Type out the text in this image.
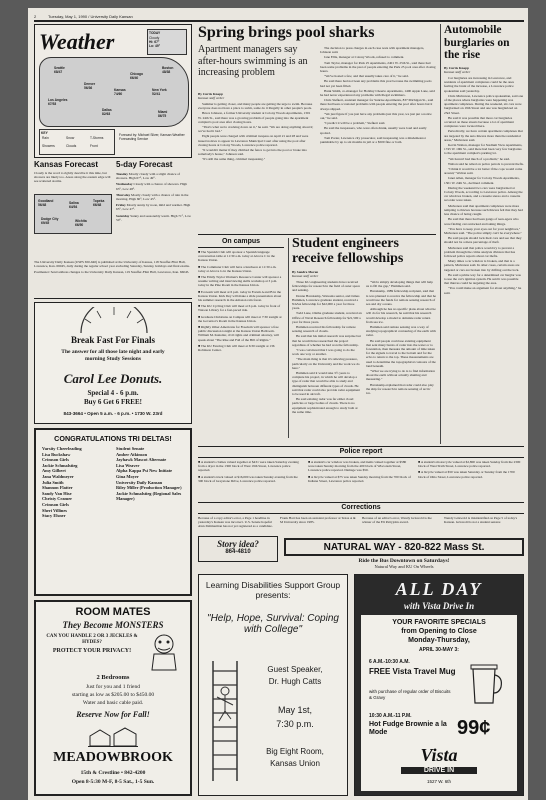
2	Tuesday, May 1, 1990 / University Daily Kansan
Weather	TODAY
Cloudy
Hi: 67°
Lo: 49°
Seattle
68/47
Boston
48/38
Chicago
66/40
Denver
56/36	Kansas
74/60
Los Angeles
67/53
Dallas
82/63	Miami
86/75
New York
52/41
KEY
Rain	Snow	T-Storms
Showers	Clouds	Front
Forecast by: Michael Silver, Kansan Weather Forecasting Service
Kansas Forecast
Cloudy is the word to rightly describe it this time, but showers are likely too. Areas along the eastern edge will see scattered storms.
Goodland
56/48	Salina
64/54
Topeka
66/48
Dodge City
69/45	Wichita
66/50
5-day Forecast
Tuesday Mostly cloudy with a slight chance of showers. High 67°, Low 49°.
Wednesday Cloudy with a chance of showers. High 63°, Low 48°.
Thursday Mostly cloudy with a chance of rain in the morning. High 60°, Low 45°.
Friday Mostly sunny by noon, mild and warmer. High 65°, Low 47°.
Saturday Sunny and seasonably warm. High 71°, Low 50°.
The University Daily Kansan (USPS 650-640) is published at the University of Kansas, 118 Stauffer-Flint Hall, Lawrence, Kan. 66045, daily during the regular school year excluding Saturday, Sunday, holidays and final exams.
Postmaster: Send address changes to the University Daily Kansan, 119 Stauffer-Flint Hall, Lawrence, Kan. 66045.
Break Fast For Finals
The answer for all those late night and early morning Study Sessions
Carol Lee Donuts.
Special 4 - 6 p.m.
Buy 6 Get 6 FREE!
843-3664 • Open 5 a.m. - 6 p.m. • 1730 W. 23rd
CONGRATULATIONS TRI DELTAS!
Varsity Cheerleading
Lisa Buckshaw
Crimson Girls
Jackie Schmalstieg
Amy Gilbert
Jana Waldmeyer
Julia Smith
Shannon Flatter
Sandy Van Hise
Christy Cramer
Crimson Girls
Sheri Villines
Stacy Elsner
Student Senate
Amber Atkinson
Jayhawk Mascot Alternate
Lisa Weaver
Alpha Kappa Psi New Initiate
Gina Moyer
University Daily Kansan
Riley Miller (Production Manager)
Jackie Schmalstieg (Regional Sales Manager)
ROOM MATES
They Become MONSTERS
CAN YOU HANDLE 2 OR 3 JECKLES & HYDES?
PROTECT YOUR PRIVACY!
2 Bedrooms
Just for you and 1 friend
starting as low as $205.00 to $450.00
Water and basic cable paid.
Reserve Now for Fall!
MEADOWBROOK
15th & Crestline • 842-4200
Open 8-5:30 M-F, 8-5 Sat., 1-5 Sun.
Spring brings pool sharks
Apartment managers say after-hours swimming is an increasing problem
By Curtis Knapp
Kansan staff writer

Summer is getting closer, and many people are getting the urge to swim. Because everyone does not have a place to swim, some do it illegally in other people's pools.

Bruce Johnson, a former University student at Colony Woods Apartments, 1301 W. 24th St., said there was a growing problem of people going into the apartment complex's pool area after closing hours.

"That's what we're cracking down on it," he said. "We are doing anything about it; we've had it bad."

Eight people were charged with criminal trespass on April 21 and 28 and were issued notices to appear in Lawrence Municipal Court after using the pool after closing hours at Colony Woods, Lawrence police reported.

"It wouldn't matter if they climbed the fence to get into the pool or broke into somebody's house," Johnson said.

"It's still the same thing, criminal trespassing."

The decision to press charges in each case rests with apartment managers, Johnson said.

Jane Ellis, manager at Colony Woods, refused to comment.

Tom Taylor, manager for Park 25 Apartments, 2401 W. 25th St., said there had been some problems in the past of people entering the Park 25 pool area after closing hours.

"We've hosted a few, and that usually takes care of it," he said.

He said there had not been any problems this year because the swimming pools had not yet been filled.

Hank Smith, co-manager for Holiday Cheerio Apartments, 1400 Apple Lane, said he had never experienced any problems with illegal swimmers.

Chris Siefkert, assistant manager for Sunrise Apartments, 837 Michigan St., said there had been occasional problems with people entering the pool after hours but it always slipped.

"We just figure if you just have any problems just this year, we just put a notice out," he said.

"I predict it will be a problem," Siefkert said.

He said the trespassers, who were often drunk, usually were loud and easily spotted.

Tom Porter, Lawrence city prosecutor, said trespassing was a misdemeanor punishable by up to six months in jail or a $500 fine or both.

Automobile burglaries on the rise
By Curtis Knapp
Kansan staff writer

Car burglaries are increasing in Lawrence, and residents of apartment complexes could be the ones feeling the brunt of the increase, a Lawrence police spokesman said yesterday.

Chris Mulvenon, Lawrence police spokesman, said one of the places where burglaries were happening was apartment complexes. During the weekend, six cars were burglarized on 19th Street and one was burglarized on 23rd Street.

He said it was possible that more car burglaries occurred on these streets because a lot of apartment complexes were located there.

Periodically, we have certain apartment complexes that are targeted by the auto thieves more than the residential areas," Mulvenon said.

Kevin Walton, manager for Stadium View Apartments, 1745 W. 19th St., said there had been very few burglaries to the apartment complex's parking lot.

"We haven't had much of a problem," he said.

Walton said he relied on police patrols to prevent thefts.

"I think it would be a lot better if the cops would come around," Walton said.

Janet Allen, manager for Colony Woods Apartments, 1301 W. 24th St., declined comment.

During the weekend two cars were burglarized at Colony Woods, according to Lawrence police. Among the car windows broken, and a cassette stereo and a cassette recorder were taken.

Mulvenon said that apartment complexes were more tempting to thieves because such thieves felt that they had less chance of being caught.

He said that there had been gangs of teen-agers who were finding cars unlocked and taking things.

"You have to keep your eyes out for your neighbors," Mulvenon said. "The police simply can't be everywhere."

He said people should lock their cars and see that they should not be a mere percentage of theft.

Mulvenon said that police would try to prevent a problem through the crime analysis division that has followed police reports about car thefts.

Many times a car window is broken, and that is a pattern, Mulvenon said. In other cases, certain areas are targeted or cars are broken into by drifting out the lock.

He said a prime way for a determined car burglar was to use the car's ignition system. He said it was possible that thieves could be targeting the area.

"You could make an argument for about anything," he said.

On campus
■ The Spanish Club will sponsor a Spanish language conversation table at 11:30 a.m. today at Alcove C in the Kansas Union.
■ The Commuter Club will have a luncheon at 11:30 a.m. today at Alcove G in the Kansas Union.
■ The Emily Taylor Women's Resource Center will sponsor a resume writing and interviewing skills workshop at 3 p.m. today in the Pine Room in the Kansas Union.
■ Ecoteam will meet at 6 p.m. today in Forum A and B in the Kansas Union. Kirk Dey will make a slide presentation about his summer research in the Amazon rain forest.
■ The KU Cycling Club will meet at 6 p.m. today in front of Watson Library for a fast-paced ride.
■ Graduate Christians on Campus will meet at 7:30 tonight at the Governor's Room in the Kansas Union.
■ Rightly Other Americans for Freedom will sponsor a free public discussion tonight at the Kansas Union Ballroom. William M. Kunstler, civil rights and criminal attorney, will speak about "The Rise and Fall of the Bill of Rights."
■ The KU Fencing Club will meet at 6:30 tonight at 136 Robinson Center.
Student engineers receive fellowships
By Sandra Moran
Kansan staff writer

Three KU engineering students have received fellowships for research in the field of outer space and sensing.

Donna Havekamp, Watsonia senior, and James Hammen, Lawrence graduate student, received a NASA fellowship for $22,000 a year for three years.

Todd Lane, Olathe graduate student, received an Office of Naval Research fellowship for $21,500 a year for three years.

Hammen received his fellowship for remote sensing research of clouds.

He said that his initial research was surprise but that he would have researched the project regardless of whether he had won the fellowship.

"I was convinced that I was going to do the work one way or another.

"The main thing is that it's relieving pressure, particularly on the University and the work we do here."

Hammen said it would take 3½ years to complete his project, in which he will develop a type of radar that would be able to study and distinguish between different types of clouds. He said that radar could also provide radar equipment to be used in aircraft.

He said existing radar was far either cloud particles or large bodies of clouds. There is no equipment sophisticated enough to study both at the same time.

"We're simply developing things that will help us to fill the gap," Hammen said.

Havekamp, 1989 fellowship recipient, said that is was planned to receive the fellowship and that he would use the funds for remote sensing research of sea and dry oceans.

Although he has no specific plans about what he will do for his research, he said that his research would develop a model to simulate radar return from sea ice.

Hammen said remote sensing was a way of studying topographical contouring of the earth with radar.

He said people could use existing equipment that sent many bursts of radar into the water or to forestation, then measure the amount of time taken for the signals to travel to the bottom and for the echo to return to the top. These measurements are used to determine the topographical contours of the land beneath.

"What we are trying to do is to find information about the earth without actually shutting and measuring."

Havekamp explained that radar could also play the ship for research in remote sensing of arctic ice.

Police report
■ A student's clothes valued together at $431 were taken Saturday evening from a dryer in the 1300 block of West 19th Street, Lawrence police reported.
■ A student's truck valued at $16,000 was taken Sunday evening from the 300 block of Greystone Drive, Lawrence police reported.
■ A student's car window was broken, and items valued together at $580 were taken Sunday morning from the 400 block of Wisconsin Street, Lawrence police reported. Damage was $50.
■ A bicycle valued at $75 was taken Sunday morning from the 700 block of Indiana Street, Lawrence police reported.
■ A student's motorcycle valued at $2,800 was taken Sunday from the 2300 block of West Sixth Street, Lawrence police reported.
■ A bicycle valued at $50 was taken Saturday or Sunday from the 1700 block of Ohio Street, Lawrence police reported.
Corrections
Because of a copy editor's error, a Page 1 headline in yesterday's Kansan was incorrect. U.S. Senate hopeful Alan Zimmerman has not yet registered as a candidate.
Frank Hart has been an assistant professor at Texas A & M University since 1985.
Because of an editor's error, Wendy Griswold is the winner of the Eli Pettyjohn award.
Wendy Griswold is misidentified on Page 5 of today's Kansan. Griswold is not a student senator.
Story idea?
864-4810	NATURAL WAY - 820-822 Mass St.
Ride the Bus Downtown on Saturdays!
Natural Way and KU On Wheels
Learning Disabilities Support Group presents:
"Help, Hope, Survival: Coping with College"
Guest Speaker,
Dr. Hugh Catts
May 1st,
7:30 p.m.
Big Eight Room,
Kansas Union
ALL DAY
with Vista Drive In
YOUR FAVORITE SPECIALS
from Opening to Close
Monday-Thursday,
APRIL 30-MAY 3:
6 A.M.-10:30 A.M.
FREE Vista Travel Mug
with purchase of regular order of Biscuits & Gravy
10:30 A.M.-11 P.M.
Hot Fudge Brownie a la Mode	99¢
Vista
DRIVE IN
1527 W. 6th
